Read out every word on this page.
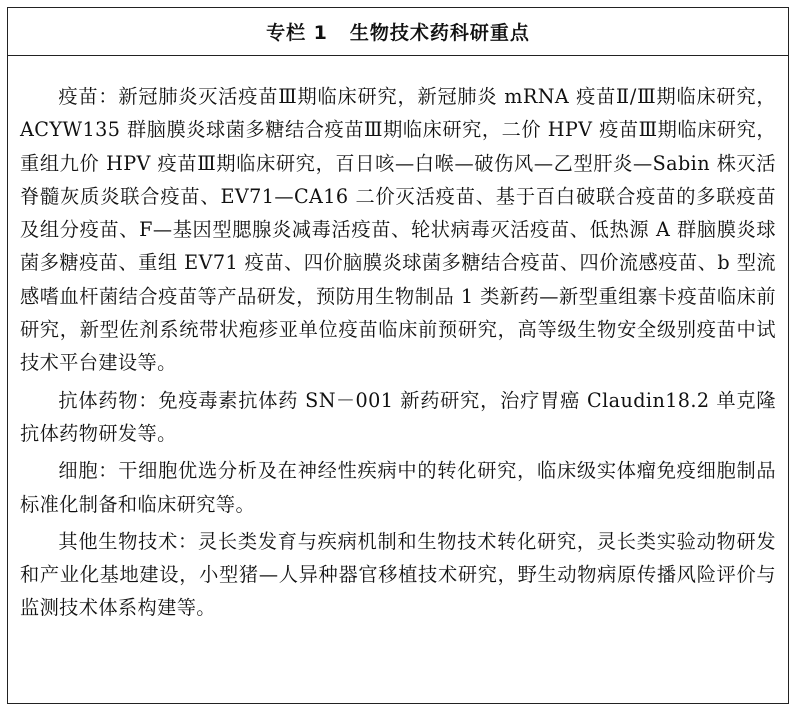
专栏 1 生物技术药科研重点

疫苗：新冠肺炎灭活疫苗Ⅲ期临床研究，新冠肺炎 mRNA 疫苗Ⅱ/Ⅲ期临床研究，ACYW135 群脑膜炎球菌多糖结合疫苗Ⅲ期临床研究，二价 HPV 疫苗Ⅲ期临床研究，重组九价 HPV 疫苗Ⅲ期临床研究，百日咳—白喉—破伤风—乙型肝炎—Sabin 株灭活脊髓灰质炎联合疫苗、EV71—CA16 二价灭活疫苗、基于百白破联合疫苗的多联疫苗及组分疫苗、F—基因型腮腺炎减毒活疫苗、轮状病毒灭活疫苗、低热源 A 群脑膜炎球菌多糖疫苗、重组 EV71 疫苗、四价脑膜炎球菌多糖结合疫苗、四价流感疫苗、b 型流感嗜血杆菌结合疫苗等产品研发，预防用生物制品 1 类新药—新型重组寨卡疫苗临床前研究，新型佐剂系统带状疱疹亚单位疫苗临床前预研究，高等级生物安全级别疫苗中试技术平台建设等。

抗体药物：免疫毒素抗体药 SN－001 新药研究，治疗胃癌 Claudin18.2 单克隆抗体药物研发等。

细胞：干细胞优选分析及在神经性疾病中的转化研究，临床级实体瘤免疫细胞制品标准化制备和临床研究等。

其他生物技术：灵长类发育与疾病机制和生物技术转化研究，灵长类实验动物研发和产业化基地建设，小型猪—人异种器官移植技术研究，野生动物病原传播风险评价与监测技术体系构建等。
